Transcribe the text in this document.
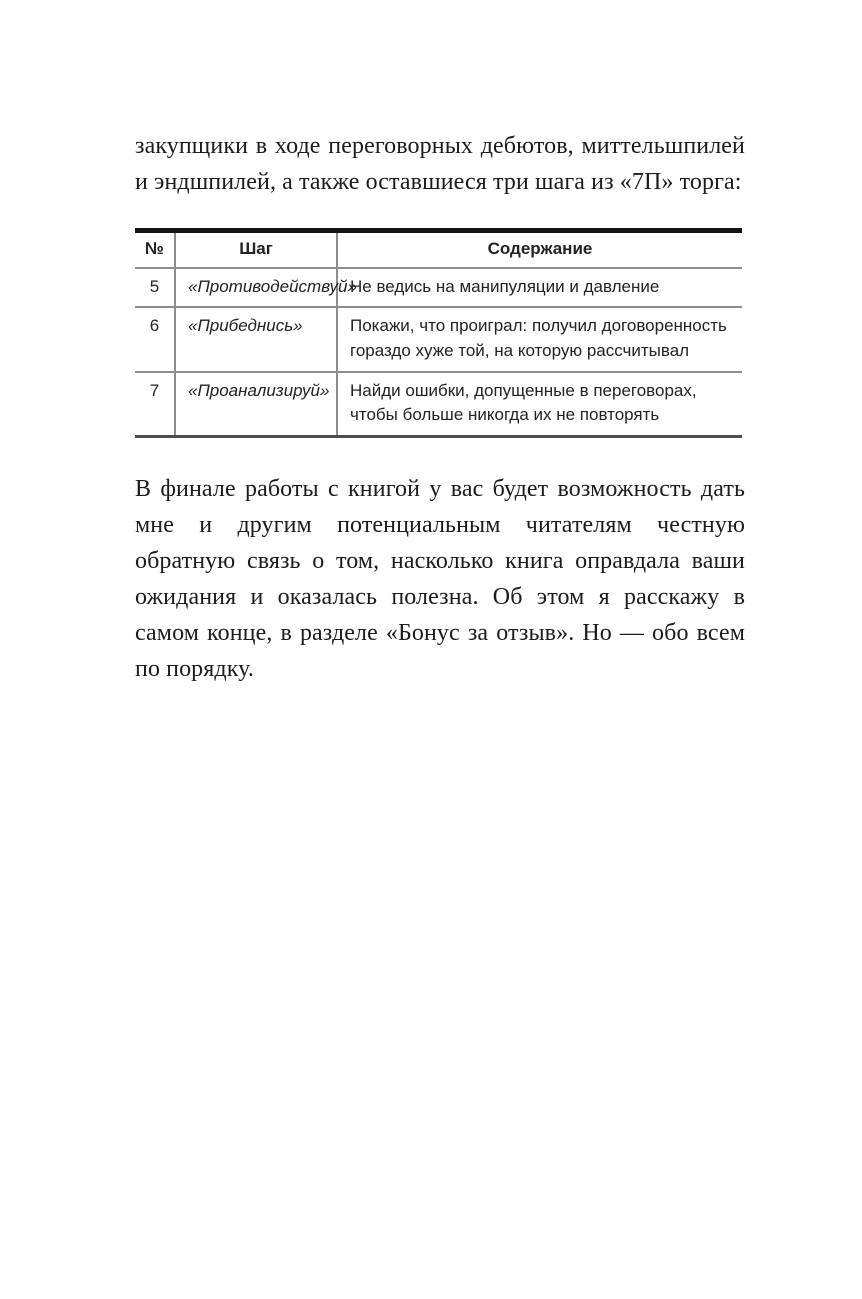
закупщики в ходе переговорных дебютов, миттельшпилей и эндшпилей, а также оставшиеся три шага из «7П» торга:

№	Шаг	Содержание
5	«Противодействуй»	Не ведись на манипуляции и давление
6	«Прибеднись»	Покажи, что проиграл: получил договоренность гораздо хуже той, на которую рассчитывал
7	«Проанализируй»	Найди ошибки, допущенные в переговорах, чтобы больше никогда их не повторять

В финале работы с книгой у вас будет возможность дать мне и другим потенциальным читателям честную обратную связь о том, насколько книга оправдала ваши ожидания и оказалась полезна. Об этом я расскажу в самом конце, в разделе «Бонус за отзыв». Но — обо всем по порядку.
